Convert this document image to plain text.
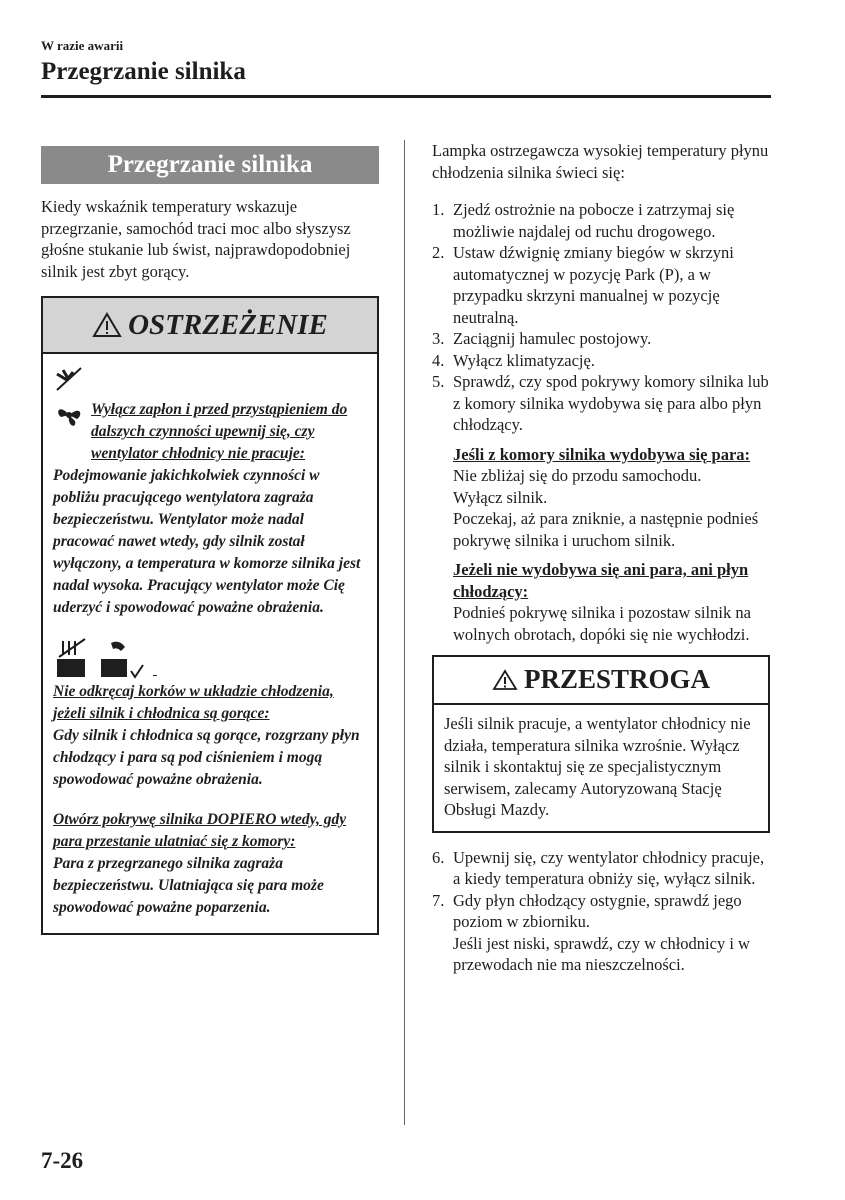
W razie awarii
Przegrzanie silnika
Przegrzanie silnika
Kiedy wskaźnik temperatury wskazuje przegrzanie, samochód traci moc albo słyszysz głośne stukanie lub świst, najprawdopodobniej silnik jest zbyt gorący.
OSTRZEŻENIE
Wyłącz zapłon i przed przystąpieniem do dalszych czynności upewnij się, czy wentylator chłodnicy nie pracuje:
Podejmowanie jakichkolwiek czynności w pobliżu pracującego wentylatora zagraża bezpieczeństwu. Wentylator może nadal pracować nawet wtedy, gdy silnik został wyłączony, a temperatura w komorze silnika jest nadal wysoka. Pracujący wentylator może Cię uderzyć i spowodować poważne obrażenia.

Nie odkręcaj korków w układzie chłodzenia, jeżeli silnik i chłodnica są gorące:
Gdy silnik i chłodnica są gorące, rozgrzany płyn chłodzący i para są pod ciśnieniem i mogą spowodować poważne obrażenia.
Otwórz pokrywę silnika DOPIERO wtedy, gdy para przestanie ulatniać się z komory:
Para z przegrzanego silnika zagraża bezpieczeństwu. Ulatniająca się para może spowodować poważne poparzenia.
Lampka ostrzegawcza wysokiej temperatury płynu chłodzenia silnika świeci się:
1. Zjedź ostrożnie na pobocze i zatrzymaj się możliwie najdalej od ruchu drogowego.
2. Ustaw dźwignię zmiany biegów w skrzyni automatycznej w pozycję Park (P), a w przypadku skrzyni manualnej w pozycję neutralną.
3. Zaciągnij hamulec postojowy.
4. Wyłącz klimatyzację.
5. Sprawdź, czy spod pokrywy komory silnika lub z komory silnika wydobywa się para albo płyn chłodzący.
Jeśli z komory silnika wydobywa się para:
Nie zbliżaj się do przodu samochodu.
Wyłącz silnik.
Poczekaj, aż para zniknie, a następnie podnieś pokrywę silnika i uruchom silnik.
Jeżeli nie wydobywa się ani para, ani płyn chłodzący:
Podnieś pokrywę silnika i pozostaw silnik na wolnych obrotach, dopóki się nie wychłodzi.
PRZESTROGA
Jeśli silnik pracuje, a wentylator chłodnicy nie działa, temperatura silnika wzrośnie. Wyłącz silnik i skontaktuj się ze specjalistycznym serwisem, zalecamy Autoryzowaną Stację Obsługi Mazdy.
6. Upewnij się, czy wentylator chłodnicy pracuje, a kiedy temperatura obniży się, wyłącz silnik.
7. Gdy płyn chłodzący ostygnie, sprawdź jego poziom w zbiorniku.
Jeśli jest niski, sprawdź, czy w chłodnicy i w przewodach nie ma nieszczelności.
7-26
